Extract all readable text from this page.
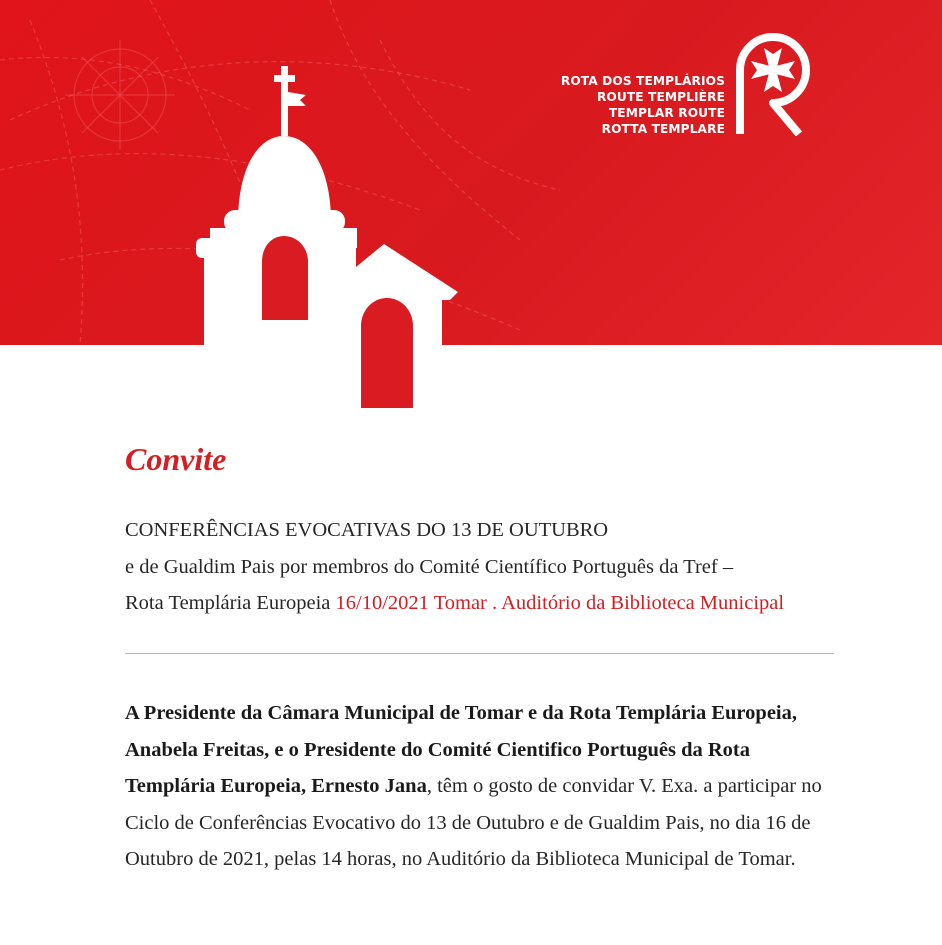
ROTA DOS TEMPLÁRIOS
ROUTE TEMPLIÈRE
TEMPLAR ROUTE
ROTTA TEMPLARE
Convite
CONFERÊNCIAS EVOCATIVAS DO 13 DE OUTUBRO
e de Gualdim Pais por membros do Comité Científico Português da Tref –
Rota Templária Europeia 16/10/2021 Tomar . Auditório da Biblioteca Municipal

A Presidente da Câmara Municipal de Tomar e da Rota Templária Europeia, Anabela Freitas, e o Presidente do Comité Cientifico Português da Rota Templária Europeia, Ernesto Jana, têm o gosto de convidar V. Exa. a participar no Ciclo de Conferências Evocativo do 13 de Outubro e de Gualdim Pais, no dia 16 de Outubro de 2021, pelas 14 horas, no Auditório da Biblioteca Municipal de Tomar.
